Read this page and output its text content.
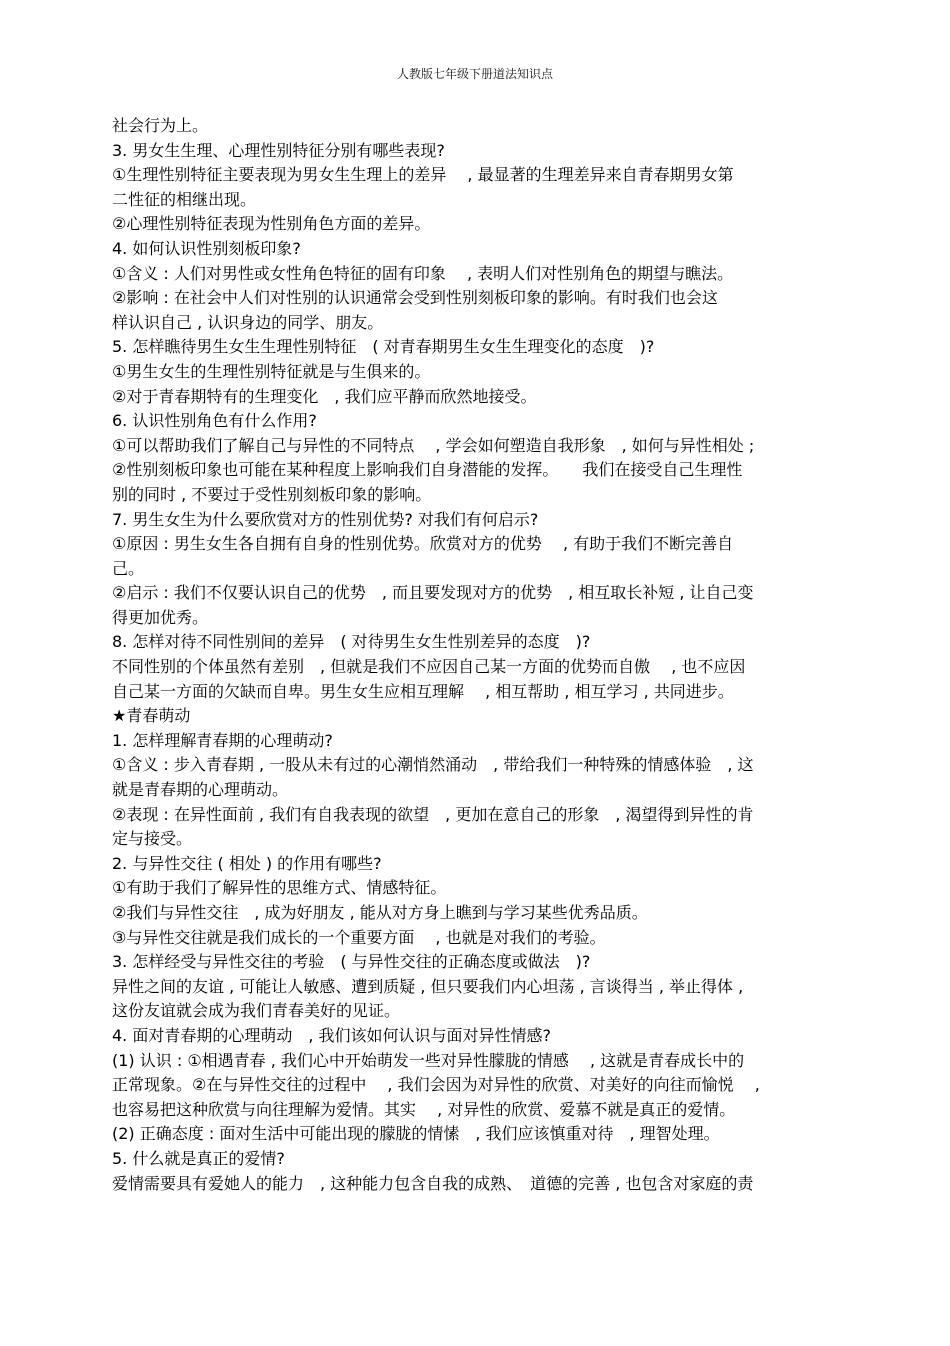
人教版七年级下册道法知识点
社会行为上。
3. 男女生生理、心理性别特征分别有哪些表现?
①生理性别特征主要表现为男女生生理上的差异　 , 最显著的生理差异来自青春期男女第
二性征的相继出现。
②心理性别特征表现为性别角色方面的差异。
4. 如何认识性别刻板印象?
①含义 : 人们对男性或女性角色特征的固有印象　 , 表明人们对性别角色的期望与瞧法。
②影响 : 在社会中人们对性别的认识通常会受到性别刻板印象的影响。有时我们也会这
样认识自己 , 认识身边的同学、朋友。
5. 怎样瞧待男生女生生理性别特征　( 对青春期男生女生生理变化的态度　)?
①男生女生的生理性别特征就是与生俱来的。
②对于青春期特有的生理变化　, 我们应平静而欣然地接受。
6. 认识性别角色有什么作用?
①可以帮助我们了解自己与异性的不同特点　 , 学会如何塑造自我形象　, 如何与异性相处 ;
②性别刻板印象也可能在某种程度上影响我们自身潜能的发挥。　　我们在接受自己生理性
别的同时 , 不要过于受性别刻板印象的影响。
7. 男生女生为什么要欣赏对方的性别优势? 对我们有何启示?
①原因 : 男生女生各自拥有自身的性别优势。欣赏对方的优势　 , 有助于我们不断完善自
己。
②启示 : 我们不仅要认识自己的优势　, 而且要发现对方的优势　, 相互取长补短 , 让自己变
得更加优秀。
8. 怎样对待不同性别间的差异　( 对待男生女生性别差异的态度　)?
不同性别的个体虽然有差别　, 但就是我们不应因自己某一方面的优势而自傲　 , 也不应因
自己某一方面的欠缺而自卑。男生女生应相互理解　 , 相互帮助 , 相互学习 , 共同进步。
★青春萌动
1. 怎样理解青春期的心理萌动?
①含义 : 步入青春期 , 一股从未有过的心潮悄然涌动　, 带给我们一种特殊的情感体验　, 这
就是青春期的心理萌动。
②表现 : 在异性面前 , 我们有自我表现的欲望　, 更加在意自己的形象　, 渴望得到异性的肯
定与接受。
2. 与异性交往 ( 相处 ) 的作用有哪些?
①有助于我们了解异性的思维方式、情感特征。
②我们与异性交往　, 成为好朋友 , 能从对方身上瞧到与学习某些优秀品质。
③与异性交往就是我们成长的一个重要方面　 , 也就是对我们的考验。
3. 怎样经受与异性交往的考验　( 与异性交往的正确态度或做法　)?
异性之间的友谊 , 可能让人敏感、遭到质疑 , 但只要我们内心坦荡 , 言谈得当 , 举止得体 ,
这份友谊就会成为我们青春美好的见证。
4. 面对青春期的心理萌动　, 我们该如何认识与面对异性情感?
(1) 认识 : ①相遇青春 , 我们心中开始萌发一些对异性朦胧的情感　 , 这就是青春成长中的
正常现象。②在与异性交往的过程中　 , 我们会因为对异性的欣赏、对美好的向往而愉悦　 ,
也容易把这种欣赏与向往理解为爱情。其实　 , 对异性的欣赏、爱慕不就是真正的爱情。
(2) 正确态度 : 面对生活中可能出现的朦胧的情愫　, 我们应该慎重对待　, 理智处理。
5. 什么就是真正的爱情?
爱情需要具有爱她人的能力　, 这种能力包含自我的成熟、　道德的完善 , 也包含对家庭的责
